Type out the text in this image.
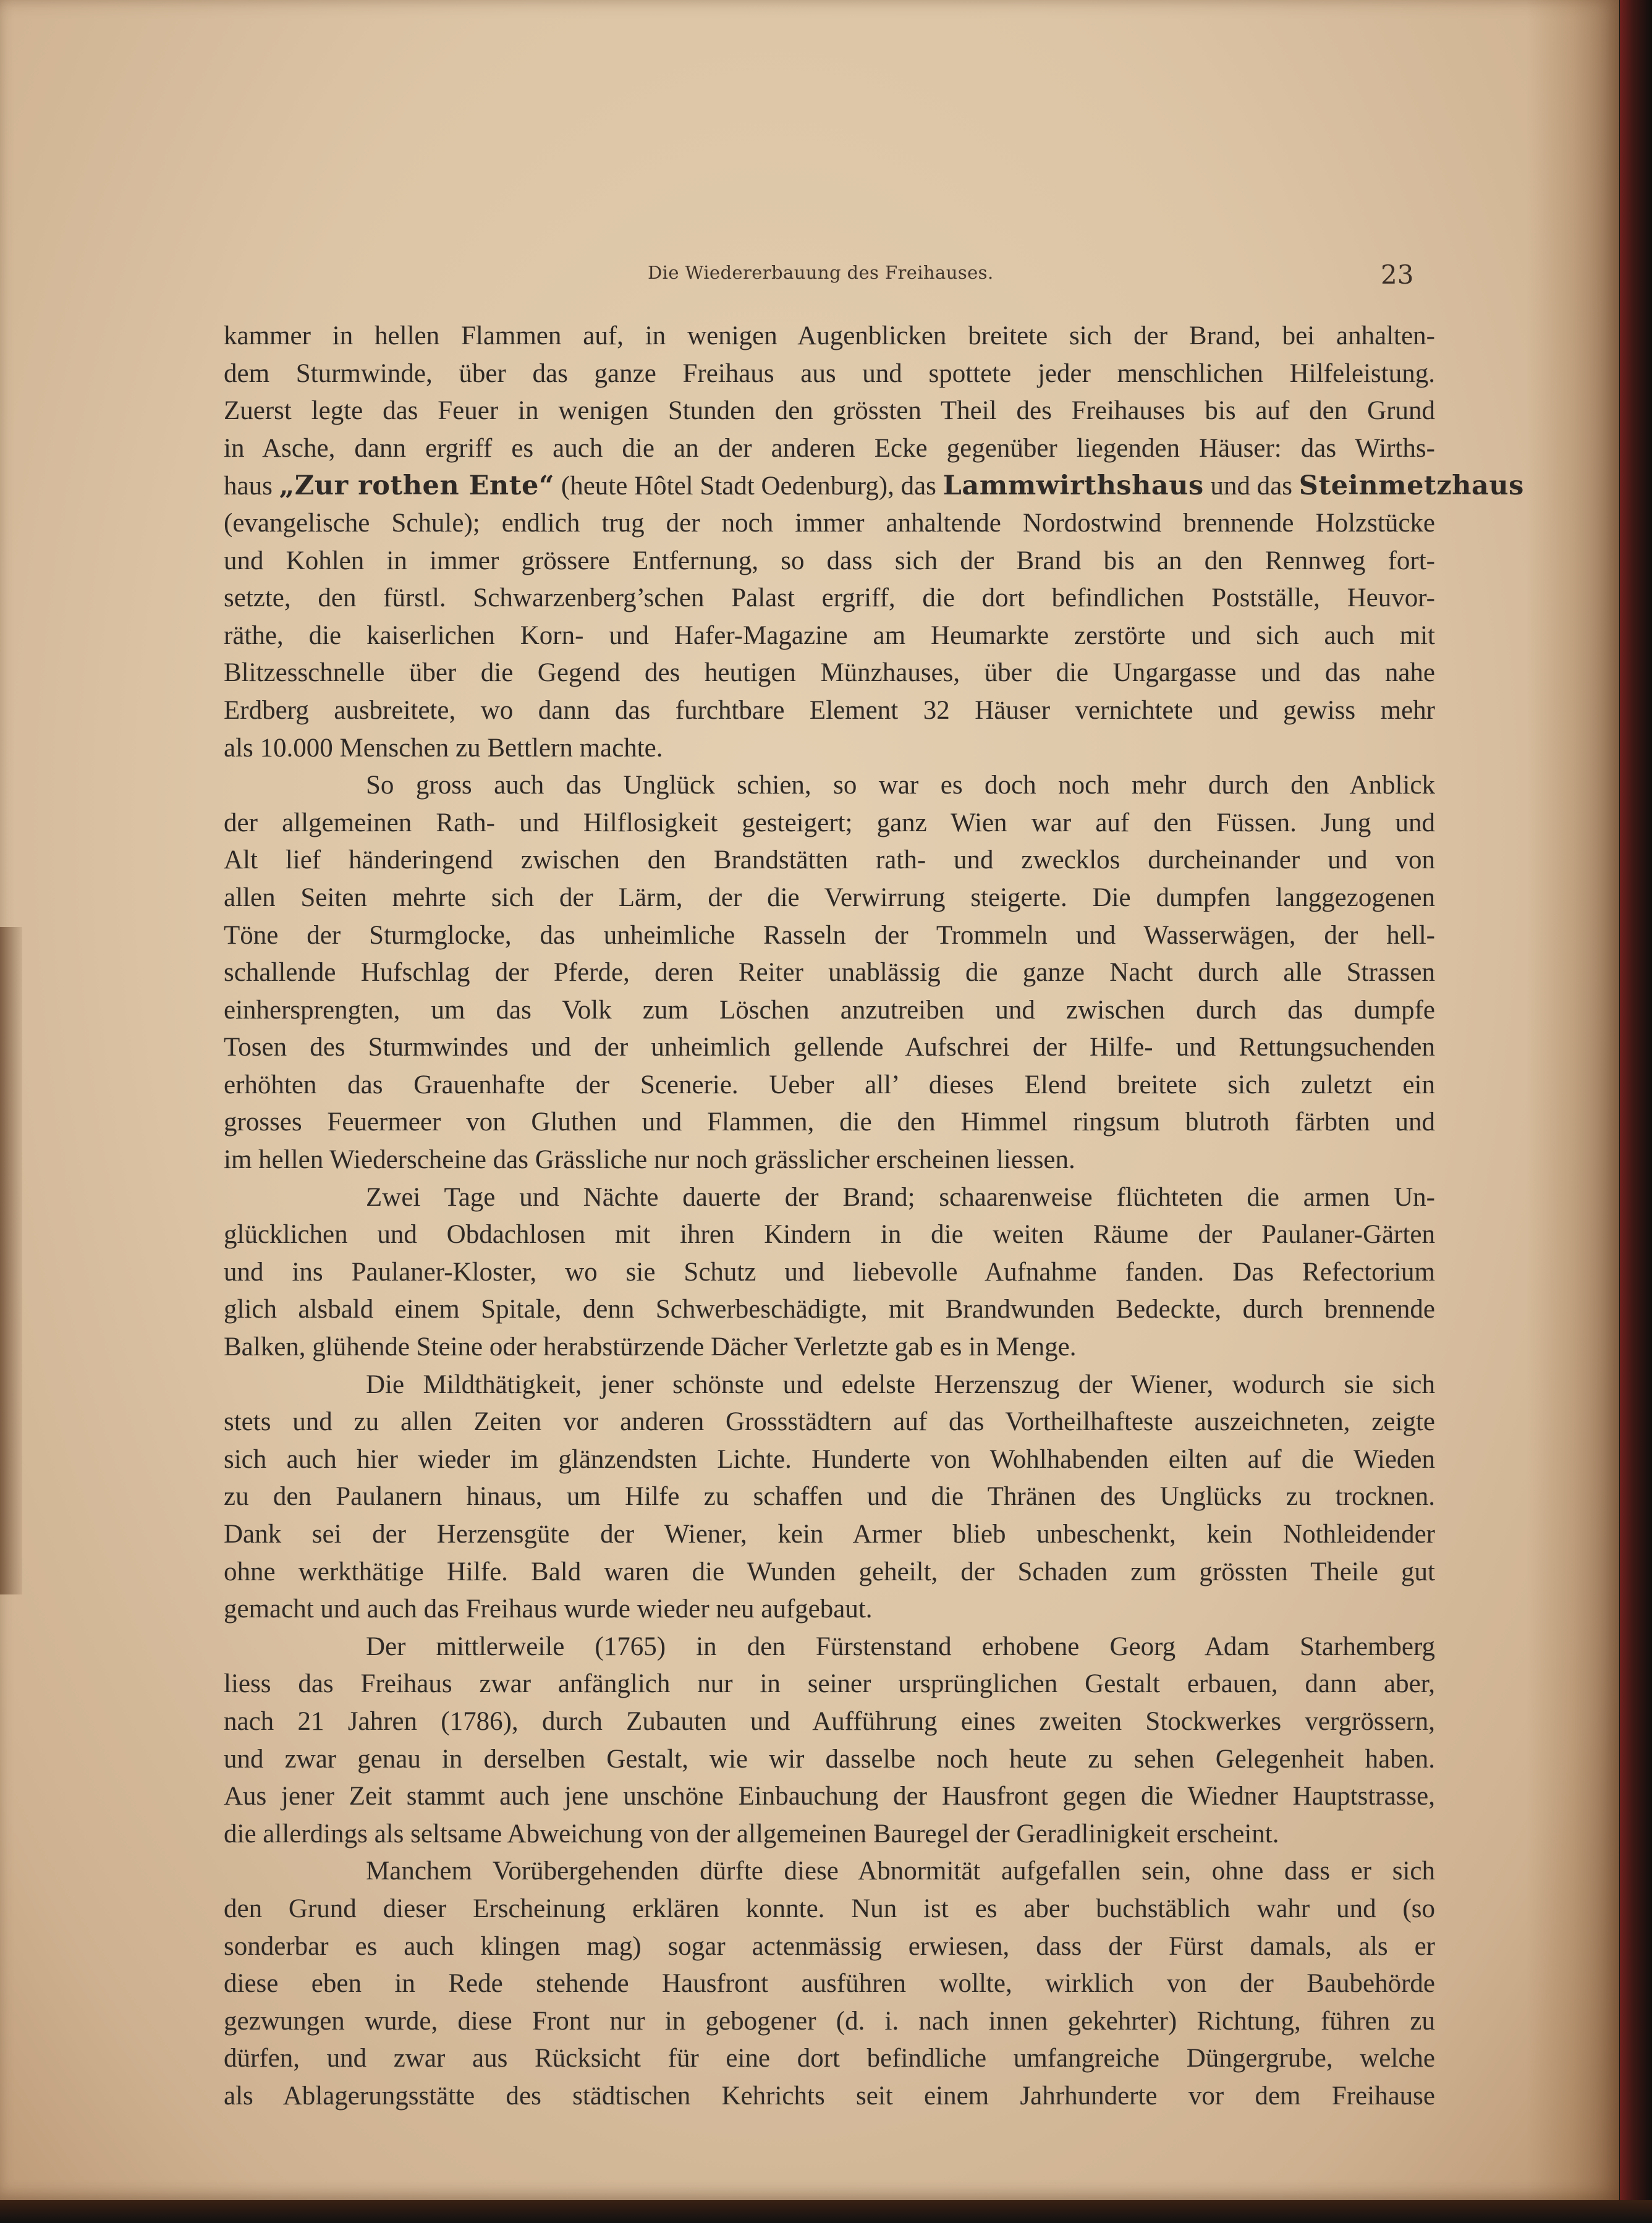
Die Wiedererbauung des Freihauses.	23
kammer in hellen Flammen auf, in wenigen Augenblicken breitete sich der Brand, bei anhalten-
dem Sturmwinde, über das ganze Freihaus aus und spottete jeder menschlichen Hilfeleistung.
Zuerst legte das Feuer in wenigen Stunden den grössten Theil des Freihauses bis auf den Grund
in Asche, dann ergriff es auch die an der anderen Ecke gegenüber liegenden Häuser: das Wirths-
haus „Zur rothen Ente“ (heute Hôtel Stadt Oedenburg), das Lammwirthshaus und das Steinmetzhaus
(evangelische Schule); endlich trug der noch immer anhaltende Nordostwind brennende Holzstücke
und Kohlen in immer grössere Entfernung, so dass sich der Brand bis an den Rennweg fort-
setzte, den fürstl. Schwarzenberg’schen Palast ergriff, die dort befindlichen Postställe, Heuvor-
räthe, die kaiserlichen Korn- und Hafer-Magazine am Heumarkte zerstörte und sich auch mit
Blitzesschnelle über die Gegend des heutigen Münzhauses, über die Ungargasse und das nahe
Erdberg ausbreitete, wo dann das furchtbare Element 32 Häuser vernichtete und gewiss mehr
als 10.000 Menschen zu Bettlern machte.
So gross auch das Unglück schien, so war es doch noch mehr durch den Anblick
der allgemeinen Rath- und Hilflosigkeit gesteigert; ganz Wien war auf den Füssen. Jung und
Alt lief händeringend zwischen den Brandstätten rath- und zwecklos durcheinander und von
allen Seiten mehrte sich der Lärm, der die Verwirrung steigerte. Die dumpfen langgezogenen
Töne der Sturmglocke, das unheimliche Rasseln der Trommeln und Wasserwägen, der hell-
schallende Hufschlag der Pferde, deren Reiter unablässig die ganze Nacht durch alle Strassen
einhersprengten, um das Volk zum Löschen anzutreiben und zwischen durch das dumpfe
Tosen des Sturmwindes und der unheimlich gellende Aufschrei der Hilfe- und Rettungsuchenden
erhöhten das Grauenhafte der Scenerie. Ueber all’ dieses Elend breitete sich zuletzt ein
grosses Feuermeer von Gluthen und Flammen, die den Himmel ringsum blutroth färbten und
im hellen Wiederscheine das Grässliche nur noch grässlicher erscheinen liessen.
Zwei Tage und Nächte dauerte der Brand; schaarenweise flüchteten die armen Un-
glücklichen und Obdachlosen mit ihren Kindern in die weiten Räume der Paulaner-Gärten
und ins Paulaner-Kloster, wo sie Schutz und liebevolle Aufnahme fanden. Das Refectorium
glich alsbald einem Spitale, denn Schwerbeschädigte, mit Brandwunden Bedeckte, durch brennende
Balken, glühende Steine oder herabstürzende Dächer Verletzte gab es in Menge.
Die Mildthätigkeit, jener schönste und edelste Herzenszug der Wiener, wodurch sie sich
stets und zu allen Zeiten vor anderen Grossstädtern auf das Vortheilhafteste auszeichneten, zeigte
sich auch hier wieder im glänzendsten Lichte. Hunderte von Wohlhabenden eilten auf die Wieden
zu den Paulanern hinaus, um Hilfe zu schaffen und die Thränen des Unglücks zu trocknen.
Dank sei der Herzensgüte der Wiener, kein Armer blieb unbeschenkt, kein Nothleidender
ohne werkthätige Hilfe. Bald waren die Wunden geheilt, der Schaden zum grössten Theile gut
gemacht und auch das Freihaus wurde wieder neu aufgebaut.
Der mittlerweile (1765) in den Fürstenstand erhobene Georg Adam Starhemberg
liess das Freihaus zwar anfänglich nur in seiner ursprünglichen Gestalt erbauen, dann aber,
nach 21 Jahren (1786), durch Zubauten und Aufführung eines zweiten Stockwerkes vergrössern,
und zwar genau in derselben Gestalt, wie wir dasselbe noch heute zu sehen Gelegenheit haben.
Aus jener Zeit stammt auch jene unschöne Einbauchung der Hausfront gegen die Wiedner Hauptstrasse,
die allerdings als seltsame Abweichung von der allgemeinen Bauregel der Geradlinigkeit erscheint.
Manchem Vorübergehenden dürfte diese Abnormität aufgefallen sein, ohne dass er sich
den Grund dieser Erscheinung erklären konnte. Nun ist es aber buchstäblich wahr und (so
sonderbar es auch klingen mag) sogar actenmässig erwiesen, dass der Fürst damals, als er
diese eben in Rede stehende Hausfront ausführen wollte, wirklich von der Baubehörde
gezwungen wurde, diese Front nur in gebogener (d. i. nach innen gekehrter) Richtung, führen zu
dürfen, und zwar aus Rücksicht für eine dort befindliche umfangreiche Düngergrube, welche
als Ablagerungsstätte des städtischen Kehrichts seit einem Jahrhunderte vor dem Freihause
